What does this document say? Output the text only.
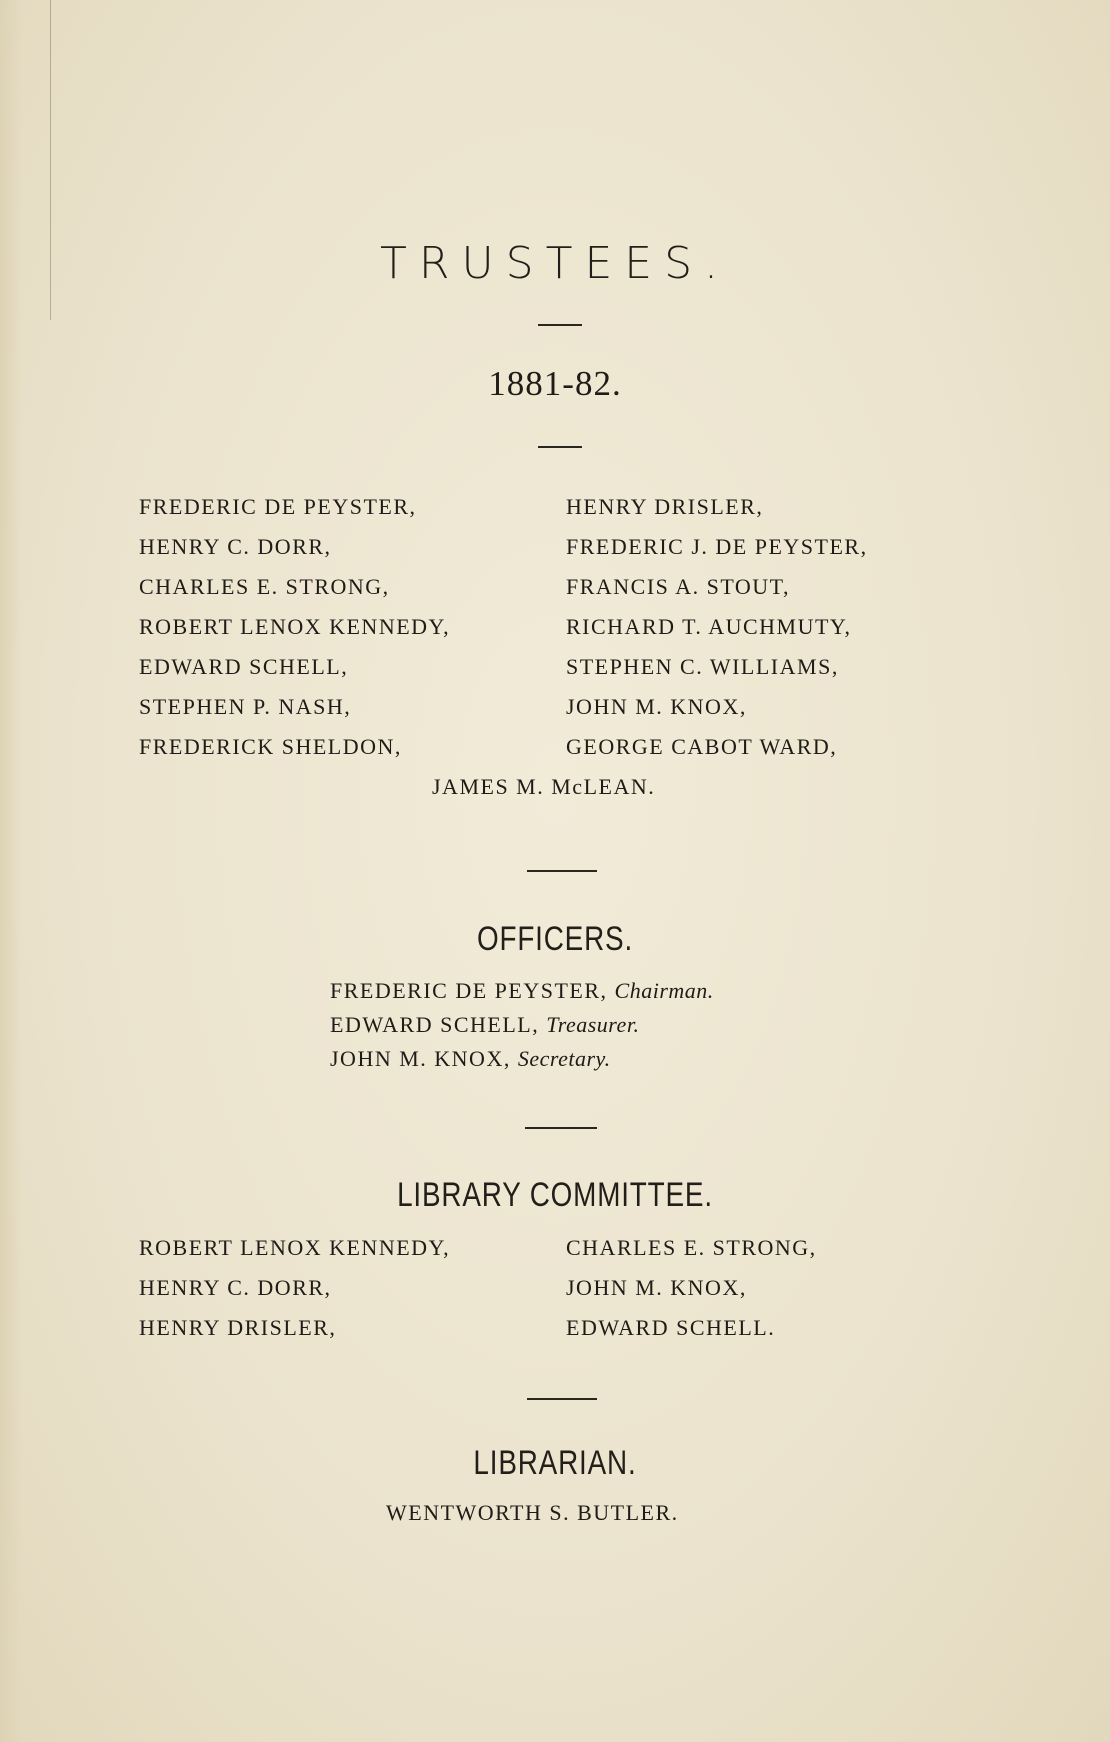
TRUSTEES.
1881-82.
FREDERIC DE PEYSTER,
HENRY C. DORR,
CHARLES E. STRONG,
ROBERT LENOX KENNEDY,
EDWARD SCHELL,
STEPHEN P. NASH,
FREDERICK SHELDON,
HENRY DRISLER,
FREDERIC J. DE PEYSTER,
FRANCIS A. STOUT,
RICHARD T. AUCHMUTY,
STEPHEN C. WILLIAMS,
JOHN M. KNOX,
GEORGE CABOT WARD,
JAMES M. McLEAN.
OFFICERS.
FREDERIC DE PEYSTER, Chairman.
EDWARD SCHELL, Treasurer.
JOHN M. KNOX, Secretary.
LIBRARY COMMITTEE.
ROBERT LENOX KENNEDY,
HENRY C. DORR,
HENRY DRISLER,
CHARLES E. STRONG,
JOHN M. KNOX,
EDWARD SCHELL.
LIBRARIAN.
WENTWORTH S. BUTLER.
